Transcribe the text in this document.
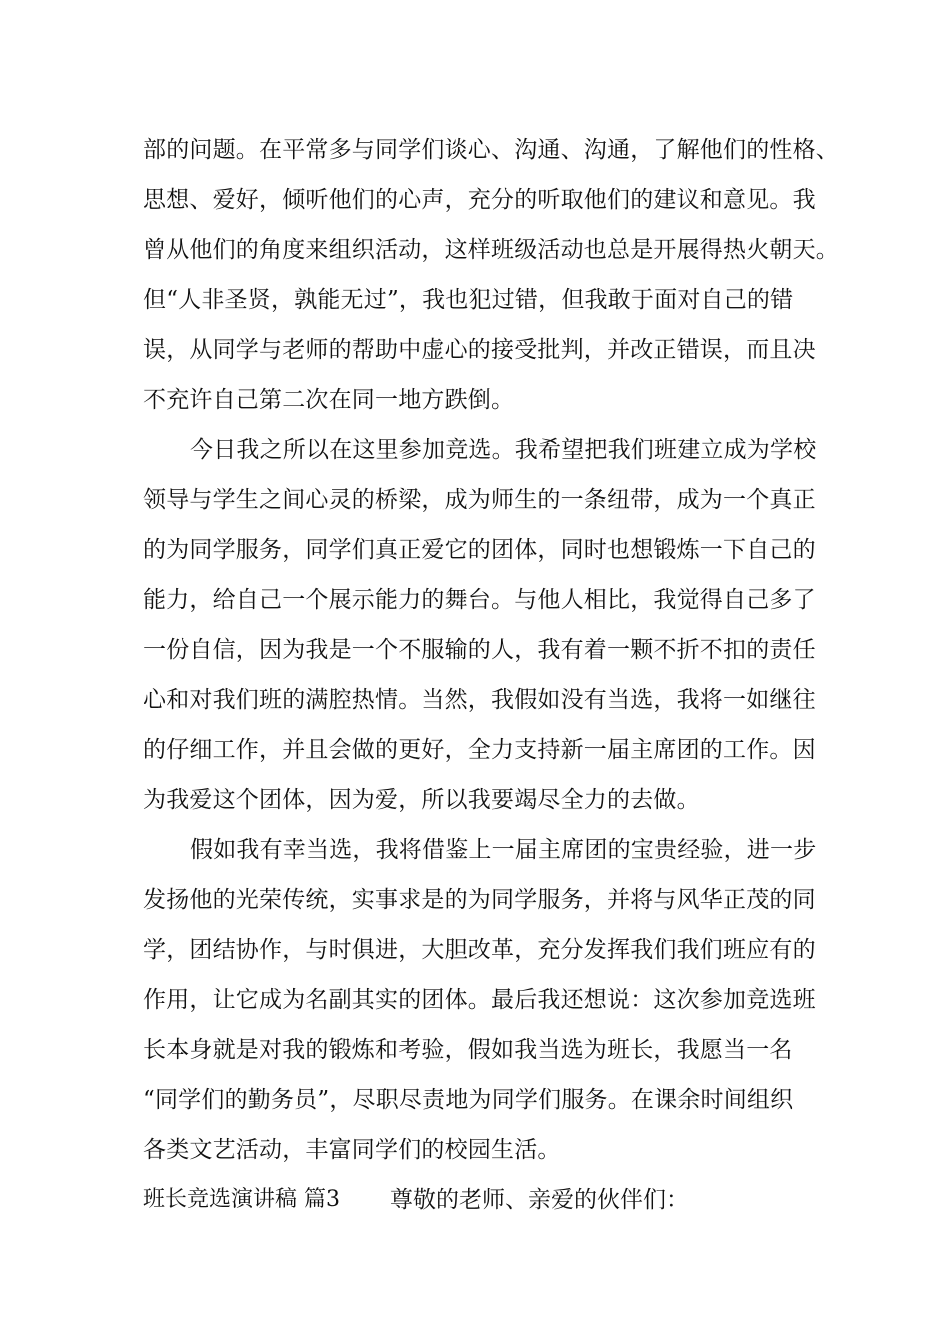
部的问题。在平常多与同学们谈心、沟通、沟通，了解他们的性格、
思想、爱好，倾听他们的心声，充分的听取他们的建议和意见。我
曾从他们的角度来组织活动，这样班级活动也总是开展得热火朝天。
但“人非圣贤，孰能无过”，我也犯过错，但我敢于面对自己的错
误，从同学与老师的帮助中虚心的接受批判，并改正错误，而且决
不充许自己第二次在同一地方跌倒。
今日我之所以在这里参加竞选。我希望把我们班建立成为学校
领导与学生之间心灵的桥梁，成为师生的一条纽带，成为一个真正
的为同学服务，同学们真正爱它的团体，同时也想锻炼一下自己的
能力，给自己一个展示能力的舞台。与他人相比，我觉得自己多了
一份自信，因为我是一个不服输的人，我有着一颗不折不扣的责任
心和对我们班的满腔热情。当然，我假如没有当选，我将一如继往
的仔细工作，并且会做的更好，全力支持新一届主席团的工作。因
为我爱这个团体，因为爱，所以我要竭尽全力的去做。
假如我有幸当选，我将借鉴上一届主席团的宝贵经验，进一步
发扬他的光荣传统，实事求是的为同学服务，并将与风华正茂的同
学，团结协作，与时俱进，大胆改革，充分发挥我们我们班应有的
作用，让它成为名副其实的团体。最后我还想说：这次参加竞选班
长本身就是对我的锻炼和考验，假如我当选为班长，我愿当一名
“同学们的勤务员”，尽职尽责地为同学们服务。在课余时间组织
各类文艺活动，丰富同学们的校园生活。
班长竞选演讲稿 篇3 尊敬的老师、亲爱的伙伴们：
